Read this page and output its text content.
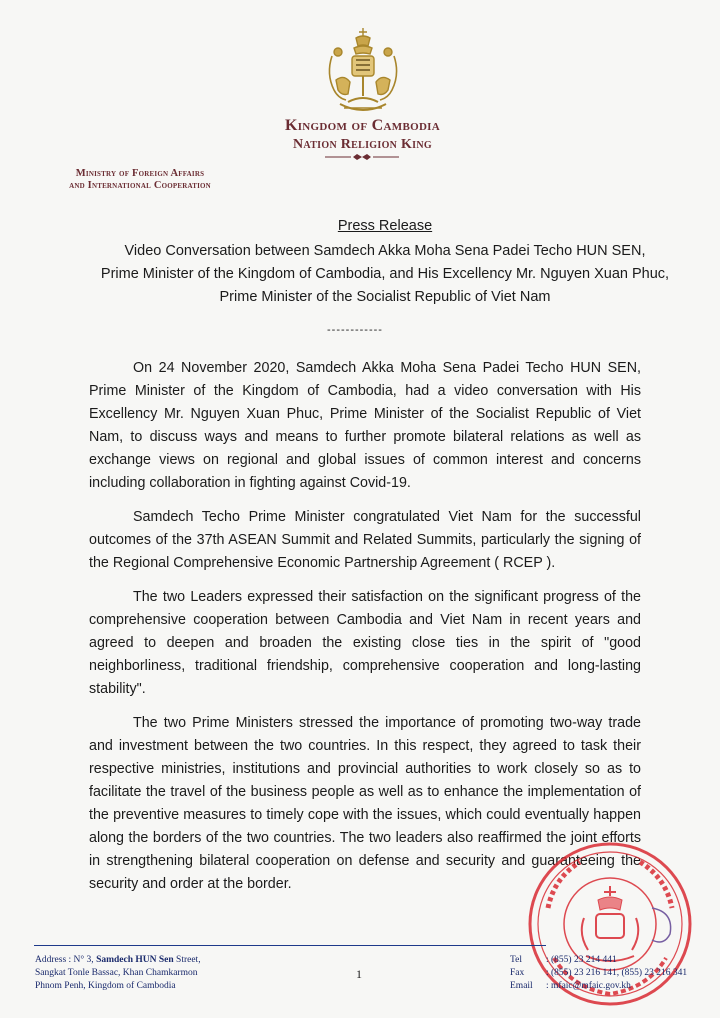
Kingdom of Cambodia
Nation Religion King
Ministry of Foreign Affairs
and International Cooperation
Press Release
Video Conversation between Samdech Akka Moha Sena Padei Techo HUN SEN,
Prime Minister of the Kingdom of Cambodia, and His Excellency Mr. Nguyen Xuan Phuc,
Prime Minister of the Socialist Republic of Viet Nam
------------

On 24 November 2020, Samdech Akka Moha Sena Padei Techo HUN SEN, Prime Minister of the Kingdom of Cambodia, had a video conversation with His Excellency Mr. Nguyen Xuan Phuc, Prime Minister of the Socialist Republic of Viet Nam, to discuss ways and means to further promote bilateral relations as well as exchange views on regional and global issues of common interest and concerns including collaboration in fighting against Covid-19.

Samdech Techo Prime Minister congratulated Viet Nam for the successful outcomes of the 37th ASEAN Summit and Related Summits, particularly the signing of the Regional Comprehensive Economic Partnership Agreement ( RCEP ).

The two Leaders expressed their satisfaction on the significant progress of the comprehensive cooperation between Cambodia and Viet Nam in recent years and agreed to deepen and broaden the existing close ties in the spirit of "good neighborliness, traditional friendship, comprehensive cooperation and long-lasting stability".

The two Prime Ministers stressed the importance of promoting two-way trade and investment between the two countries. In this respect, they agreed to task their respective ministries, institutions and provincial authorities to work closely so as to facilitate the travel of the business people as well as to enhance the implementation of the preventive measures to timely cope with the issues, which could eventually happen along the borders of the two countries. The two leaders also reaffirmed the joint efforts in strengthening bilateral cooperation on defense and security and guaranteeing the security and order at the border.

Address : N° 3, Samdech HUN Sen Street,
Sangkat Tonle Bassac, Khan Chamkarmon
Phnom Penh, Kingdom of Cambodia
1
Tel	: (855) 23 214 441
Fax : (855) 23 216 141, (855) 23 216 341
Email : mfaic@mfaic.gov.kh
